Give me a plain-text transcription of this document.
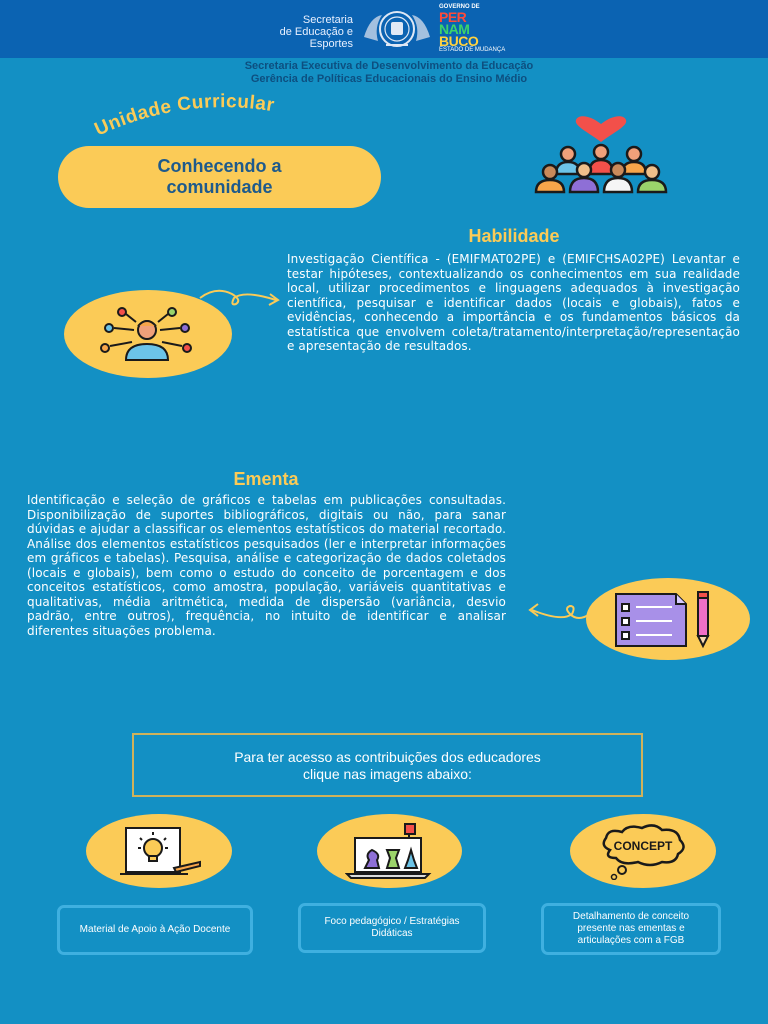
Secretaria
de Educação e
Esportes
GOVERNO DE
PER
NAM
BUCO
ESTADO DE MUDANÇA
Secretaria Executiva de Desenvolvimento da Educação
Gerência de Políticas Educacionais do Ensino Médio
Unidade Curricular
Conhecendo a
comunidade
Habilidade
Investigação Científica - (EMIFMAT02PE) e (EMIFCHSA02PE) Levantar e testar hipóteses, contextualizando os conhecimentos em sua realidade local, utilizar procedimentos e linguagens adequados à investigação científica, pesquisar e identificar dados (locais e globais), fatos e evidências, conhecendo a importância e os fundamentos básicos da estatística que envolvem coleta/tratamento/interpretação/representação e apresentação de resultados.
Ementa
Identificação e seleção de gráficos e tabelas em publicações consultadas. Disponibilização de suportes bibliográficos, digitais ou não, para sanar dúvidas e ajudar a classificar os elementos estatísticos do material recortado. Análise dos elementos estatísticos pesquisados (ler e interpretar informações em gráficos e tabelas). Pesquisa, análise e categorização de dados coletados (locais e globais), bem como o estudo do conceito de porcentagem e dos conceitos estatísticos, como amostra, população, variáveis quantitativas e qualitativas, média aritmética, medida de dispersão (variância, desvio padrão, entre outros), frequência, no intuito de identificar e analisar diferentes situações problema.
Para ter acesso as contribuições dos educadores
clique nas imagens abaixo:
CONCEPT
Material de Apoio à Ação Docente
Foco pedagógico / Estratégias Didáticas
Detalhamento de conceito presente nas ementas e articulações com a FGB
